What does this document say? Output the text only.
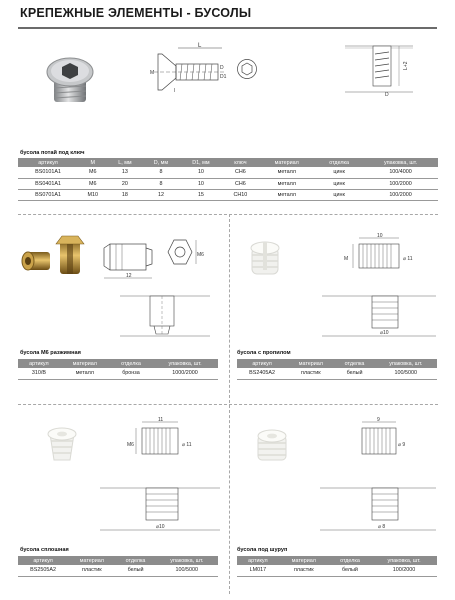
КРЕПЕЖНЫЕ ЭЛЕМЕНТЫ - БУСОЛЫ
L
M
D
D1
l
L+2
D
бусола потай под ключ
артикул	M	L, мм	D, мм	D1, мм	ключ	материал	отделка	упаковка, шт.
BS0101A1	M6	13	8	10	CH6	металл	цинк	100/4000
BS0401A1	M6	20	8	10	CH6	металл	цинк	100/2000
BS0701A1	M10	18	12	15	CH10	металл	цинк	100/2000
12
M6
бусола M6 разжимная
артикул	материал	отделка	упаковка, шт.
310/B	металл	бронза	1000/2000
10
M	⌀ 11
⌀10
бусола с пропилом
артикул	материал	отделка	упаковка, шт.
BS2405A2	пластик	белый	100/5000
11
M6	⌀ 11
⌀10
бусола сплошная
артикул	материал	отделка	упаковка, шт.
BS2505A2	пластик	белый	100/5000
9
⌀ 9
⌀ 8
бусола под шуруп
артикул	материал	отделка	упаковка, шт.
LM017	пластик	белый	100/2000
